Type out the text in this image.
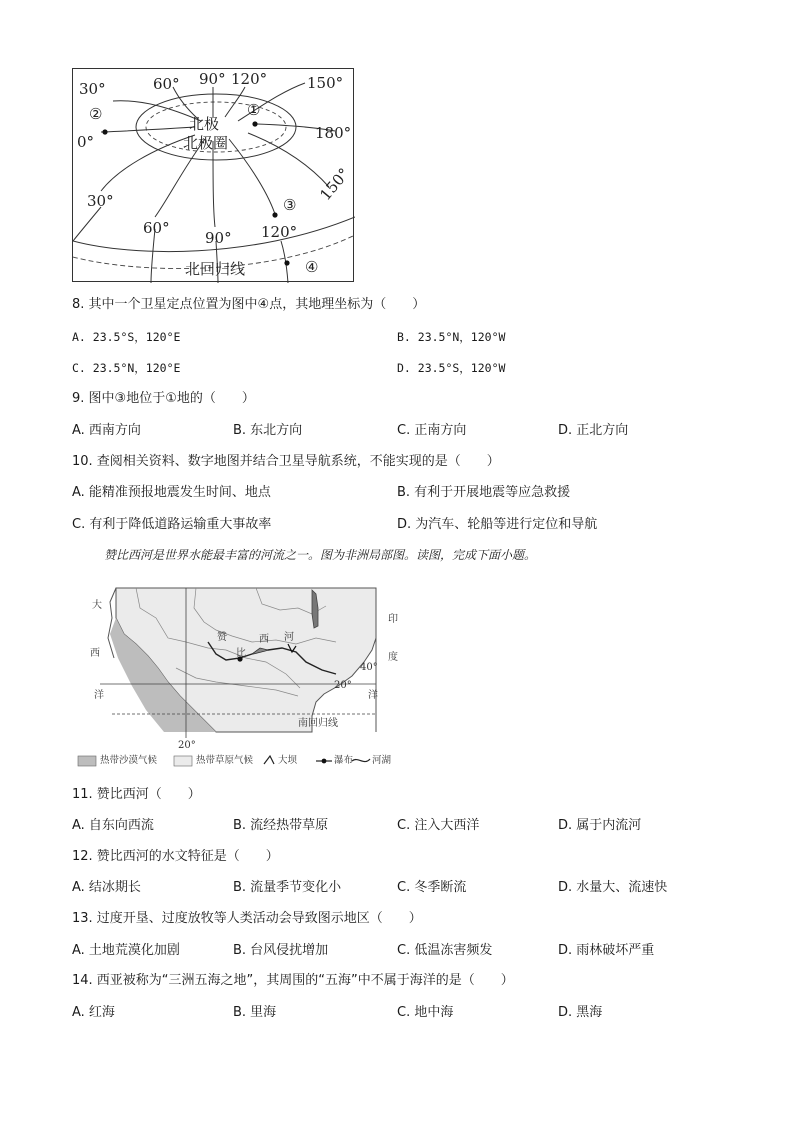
30°	60° 90° 120°	150°
0°	180°
30°
60°
90° 120°
150°
北极
北极圈
北回归线
①
②
③
④
8. 其中一个卫星定点位置为图中④点，其地理坐标为（　　）
A. 23.5°S，120°E	B. 23.5°N，120°W
C. 23.5°N，120°E	D. 23.5°S，120°W
9. 图中③地位于①地的（　　）
A. 西南方向	B. 东北方向	C. 正南方向	D. 正北方向
10. 查阅相关资料、数字地图并结合卫星导航系统，不能实现的是（　　）
A. 能精准预报地震发生时间、地点	B. 有利于开展地震等应急救援
C. 有利于降低道路运输重大事故率	D. 为汽车、轮船等进行定位和导航
赞比西河是世界水能最丰富的河流之一。图为非洲局部图。读图，完成下面小题。
大
西
洋
印
度
洋
赞	西 河
比
20°
40°
20°
南回归线
热带沙漠气候	热带草原气候	大坝	瀑布 河湖
11. 赞比西河（　　）
A. 自东向西流	B. 流经热带草原	C. 注入大西洋	D. 属于内流河
12. 赞比西河的水文特征是（　　）
A. 结冰期长	B. 流量季节变化小	C. 冬季断流	D. 水量大、流速快
13. 过度开垦、过度放牧等人类活动会导致图示地区（　　）
A. 土地荒漠化加剧	B. 台风侵扰增加	C. 低温冻害频发	D. 雨林破坏严重
14. 西亚被称为“三洲五海之地”，其周围的“五海”中不属于海洋的是（　　）
A. 红海	B. 里海	C. 地中海	D. 黑海
